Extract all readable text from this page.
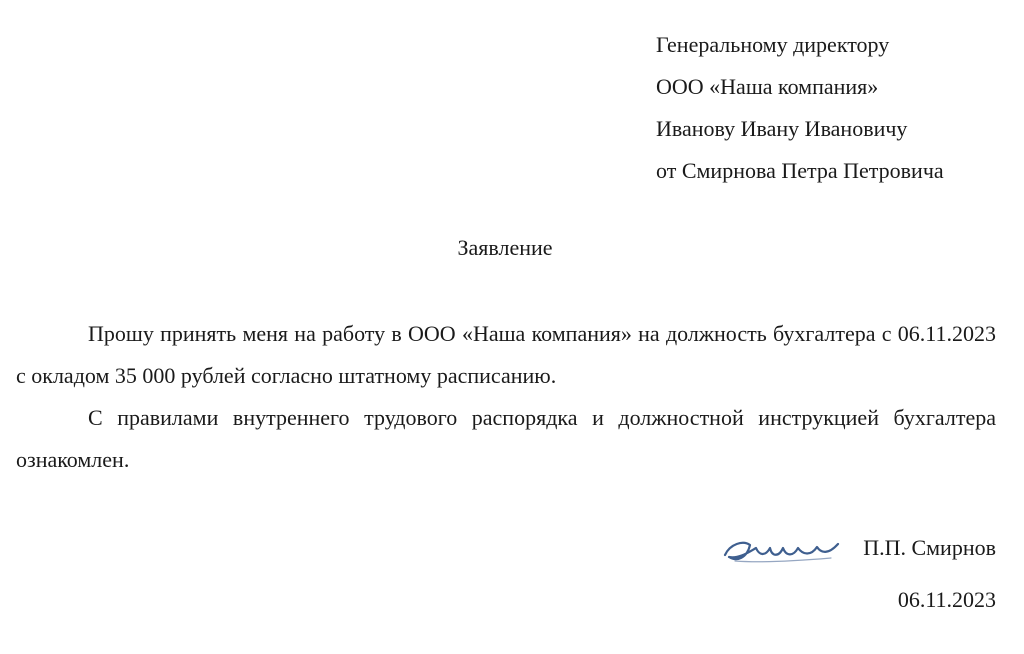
Генеральному директору
ООО «Наша компания»
Иванову Ивану Ивановичу
от Смирнова Петра Петровича
Заявление

Прошу принять меня на работу в ООО «Наша компания» на должность бухгалтера с 06.11.2023 с окладом 35 000 рублей согласно штатному расписанию.

С правилами внутреннего трудового распорядка и должностной инструкцией бухгалтера ознакомлен.

П.П. Смирнов
06.11.2023
